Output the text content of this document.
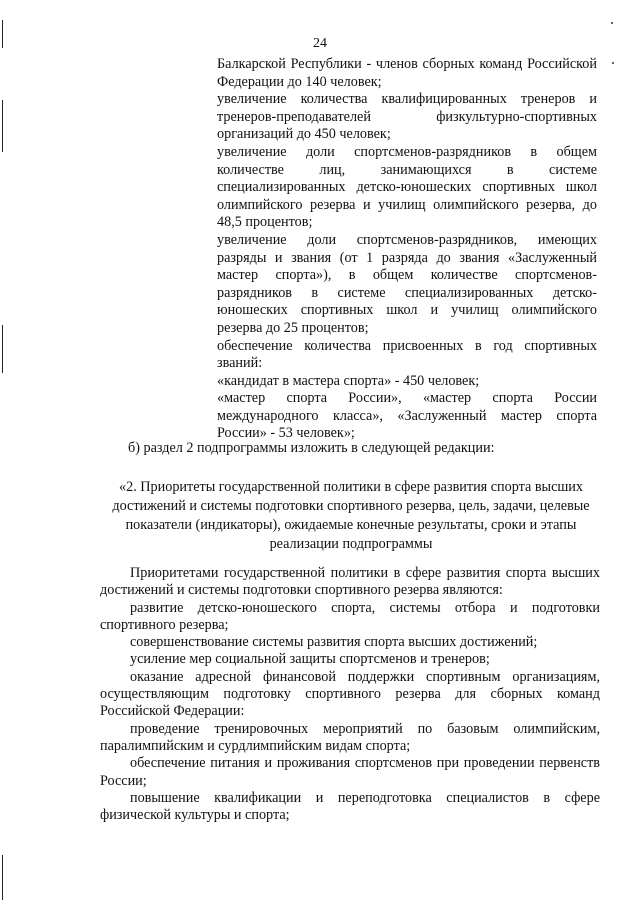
24

Балкарской Республики - членов сборных команд Российской Федерации до 140 человек;

увеличение количества квалифицированных тренеров и тренеров-преподавателей физкультурно-спортивных организаций до 450 человек;

увеличение доли спортсменов-разрядников в общем количестве лиц, занимающихся в системе специализированных детско-юношеских спортивных школ олимпийского резерва и училищ олимпийского резерва, до 48,5 процентов;

увеличение доли спортсменов-разрядников, имеющих разряды и звания (от 1 разряда до звания «Заслуженный мастер спорта»), в общем количестве спортсменов-разрядников в системе специализированных детско-юношеских спортивных школ и училищ олимпийского резерва до 25 процентов;

обеспечение количества присвоенных в год спортивных званий:

«кандидат в мастера спорта» - 450 человек;

«мастер спорта России», «мастер спорта России международного класса», «Заслуженный мастер спорта России» - 53 человек»;

б) раздел 2 подпрограммы изложить в следующей редакции:
«2. Приоритеты государственной политики в сфере развития спорта высших достижений и системы подготовки спортивного резерва, цель, задачи, целевые показатели (индикаторы), ожидаемые конечные результаты, сроки и этапы реализации подпрограммы

Приоритетами государственной политики в сфере развития спорта высших достижений и системы подготовки спортивного резерва являются:

развитие детско-юношеского спорта, системы отбора и подготовки спортивного резерва;

совершенствование системы развития спорта высших достижений;

усиление мер социальной защиты спортсменов и тренеров;

оказание адресной финансовой поддержки спортивным организациям, осуществляющим подготовку спортивного резерва для сборных команд Российской Федерации:

проведение тренировочных мероприятий по базовым олимпийским, паралимпийским и сурдлимпийским видам спорта;

обеспечение питания и проживания спортсменов при проведении первенств России;

повышение квалификации и переподготовка специалистов в сфере физической культуры и спорта;
